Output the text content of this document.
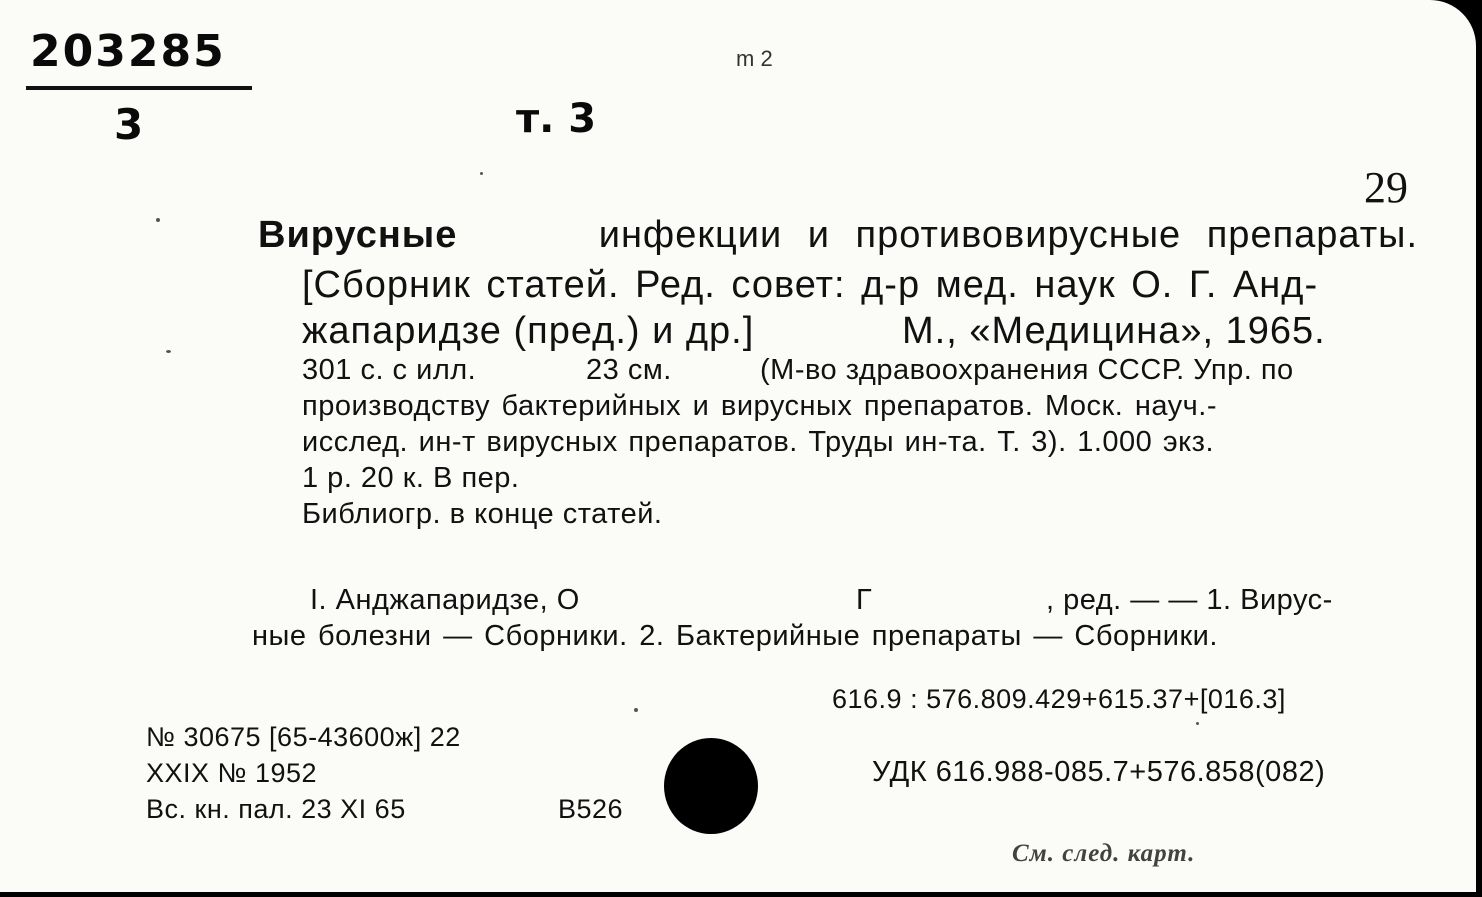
203285
3	т. 3
m 2
29
Вирусные	инфекции и противовирусные препараты.
[Сборник статей. Ред. совет: д-р мед. наук О. Г. Анд-
жапаридзе (пред.) и др.]	М., «Медицина», 1965.
301 с. с илл.	23 см.	(М-во здравоохранения СССР. Упр. по
производству бактерийных и вирусных препаратов. Моск. науч.-
исслед. ин-т вирусных препаратов. Труды ин-та. Т. 3). 1.000 экз.
1 р. 20 к. В пер.
Библиогр. в конце статей.
I. Анджапаридзе, О	Г	, ред. — — 1. Вирус-
ные болезни — Сборники. 2. Бактерийные препараты — Сборники.
616.9 : 576.809.429+615.37+[016.3]
УДК 616.988-085.7+576.858(082)
№ 30675 [65-43600ж] 22
XXIX № 1952
Вс. кн. пал. 23 XI 65	В526
См. след. карт.
